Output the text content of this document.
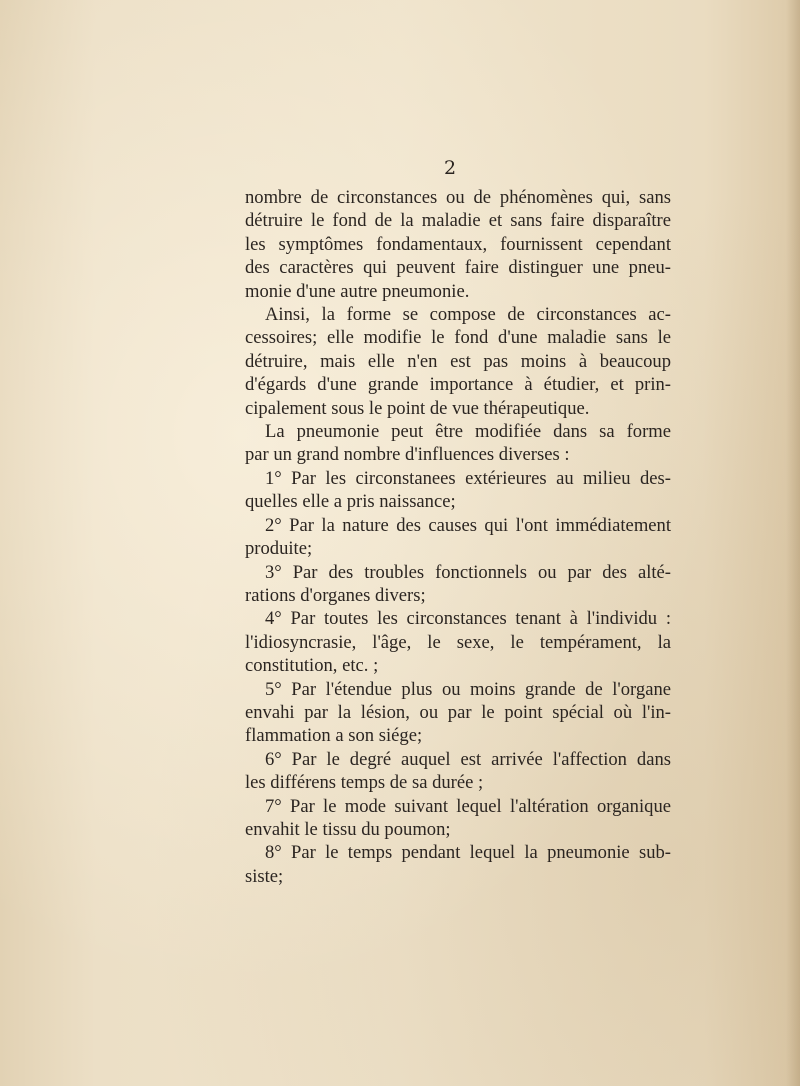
2

nombre de circonstances ou de phénomènes qui, sans

détruire le fond de la maladie et sans faire disparaître

les symptômes fondamentaux, fournissent cependant

des caractères qui peuvent faire distinguer une pneu-

monie d'une autre pneumonie.

Ainsi, la forme se compose de circonstances ac-

cessoires; elle modifie le fond d'une maladie sans le

détruire, mais elle n'en est pas moins à beaucoup

d'égards d'une grande importance à étudier, et prin-

cipalement sous le point de vue thérapeutique.

La pneumonie peut être modifiée dans sa forme

par un grand nombre d'influences diverses :

1° Par les circonstanees extérieures au milieu des-

quelles elle a pris naissance;

2° Par la nature des causes qui l'ont immédiatement

produite;

3° Par des troubles fonctionnels ou par des alté-

rations d'organes divers;

4° Par toutes les circonstances tenant à l'individu :

l'idiosyncrasie, l'âge, le sexe, le tempérament, la

constitution, etc. ;

5° Par l'étendue plus ou moins grande de l'organe

envahi par la lésion, ou par le point spécial où l'in-

flammation a son siége;

6° Par le degré auquel est arrivée l'affection dans

les différens temps de sa durée ;

7° Par le mode suivant lequel l'altération organique

envahit le tissu du poumon;

8° Par le temps pendant lequel la pneumonie sub-

siste;
